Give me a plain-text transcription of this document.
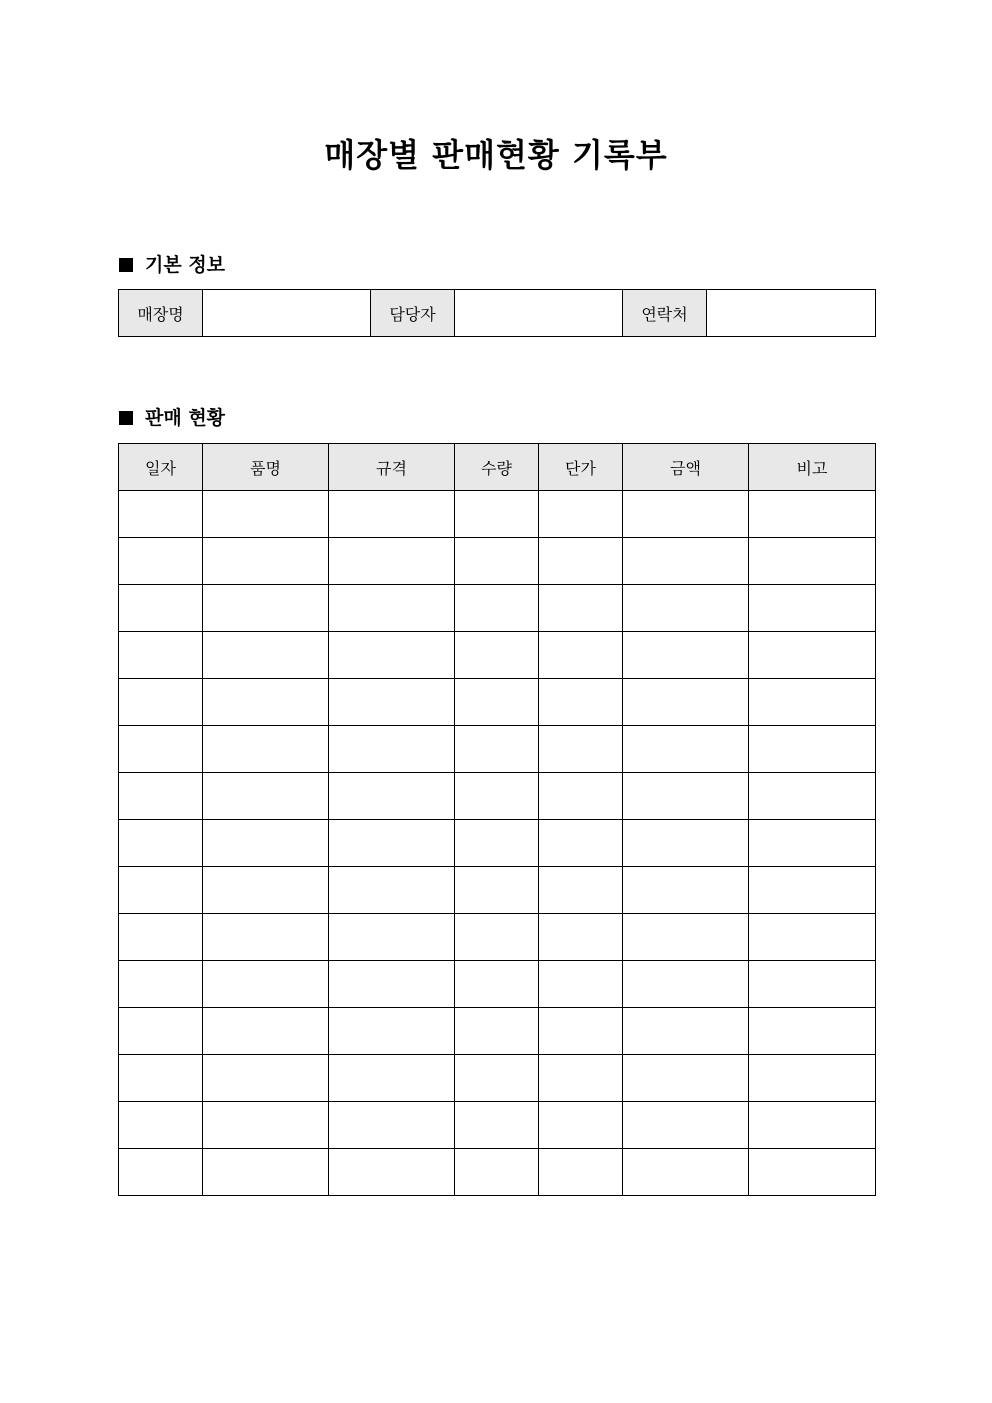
매장별 판매현황 기록부
기본 정보
매장명		담당자		연락처	
판매 현황
일자	품명	규격	수량	단가	금액	비고
